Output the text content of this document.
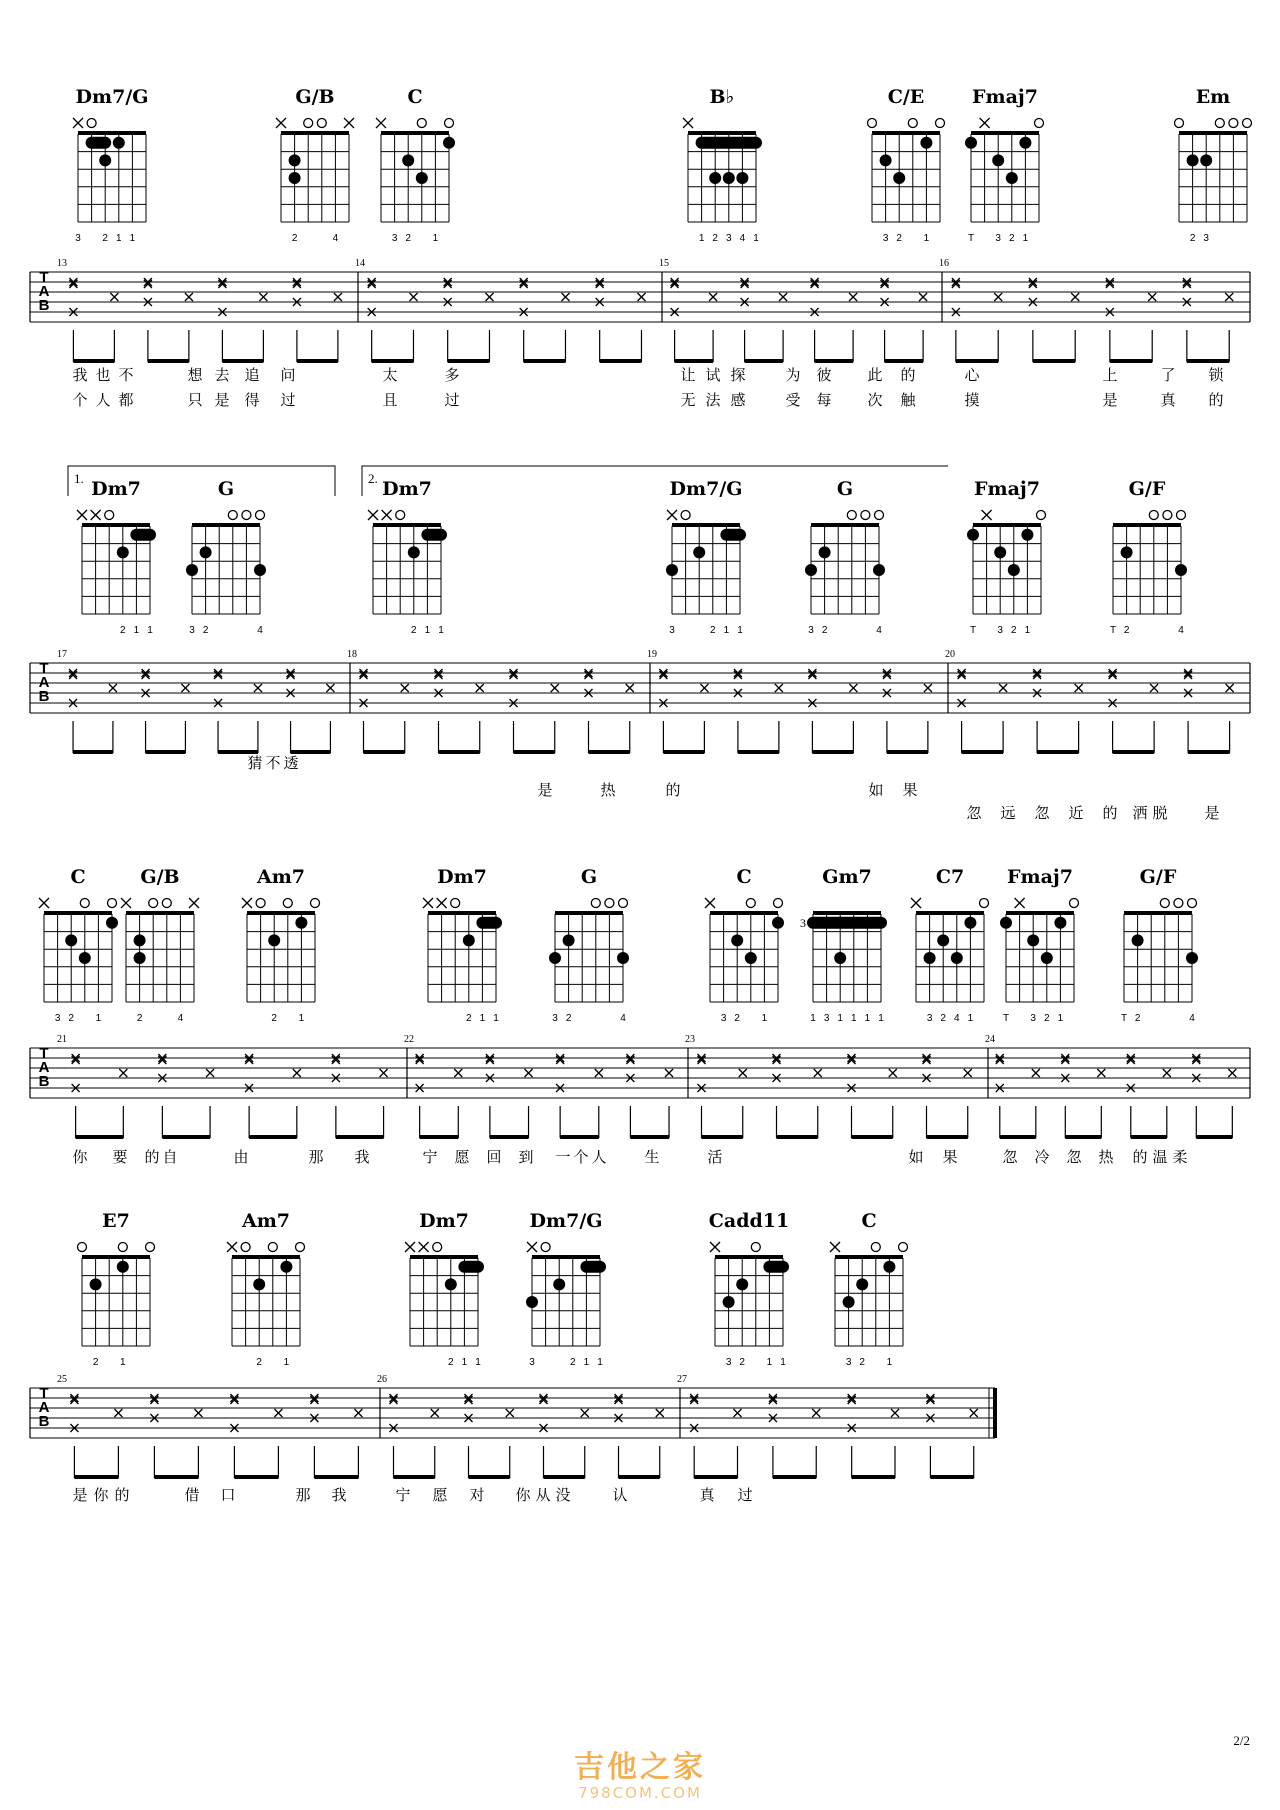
T
A
B
我 也 不	想 去 追 问	太	多	让 试 探	为 彼 此 的	心	上	了 锁
个 人 都	只 是 得 过	且	过	无 法 感	受 每 次 触	摸	是	真 的
Dm7/G
3 2 1 1
G/B
2	4
C
3 2 1
B♭
1 2 3 4 1
C/E
3 2 1
Fmaj7
T 3 2 1
Em
2 3
13	14	15	16
1.	2.
T
A
B
猜 不 透
是	热	的	如 果
忽 远 忽 近 的 洒 脱 是
Dm7
2 1 1
G
3 2	4
Dm7
2 1 1
Dm7/G
3	2 1 1
G
3 2	4
Fmaj7
T 3 2 1
G/F
T 2	4
17	18	19	20
T
A
B
你 要 的 自	由	那 我	宁 愿 回 到 一 个 人	生	活	如 果	忽 冷 忽 热 的 温 柔
C
3 2 1
G/B
2	4
Am7
2 1
Dm7
2 1 1
G
3 2	4
C
3 2 1
Gm7
3
1 3 1 1 1 1
C7
3 2 4 1
Fmaj7
T 3 2 1
G/F
T 2	4
21	22	23	24
T
A
B
是 你 的	借 口	那 我	宁 愿 对 你 从 没	认	真 过
E7
2 1
Am7
2 1
Dm7
2 1 1
Dm7/G
3	2 1 1
Cadd11
3 2 1 1
C
3 2 1
25	26	27
2/2
吉他之家
798COM.COM
